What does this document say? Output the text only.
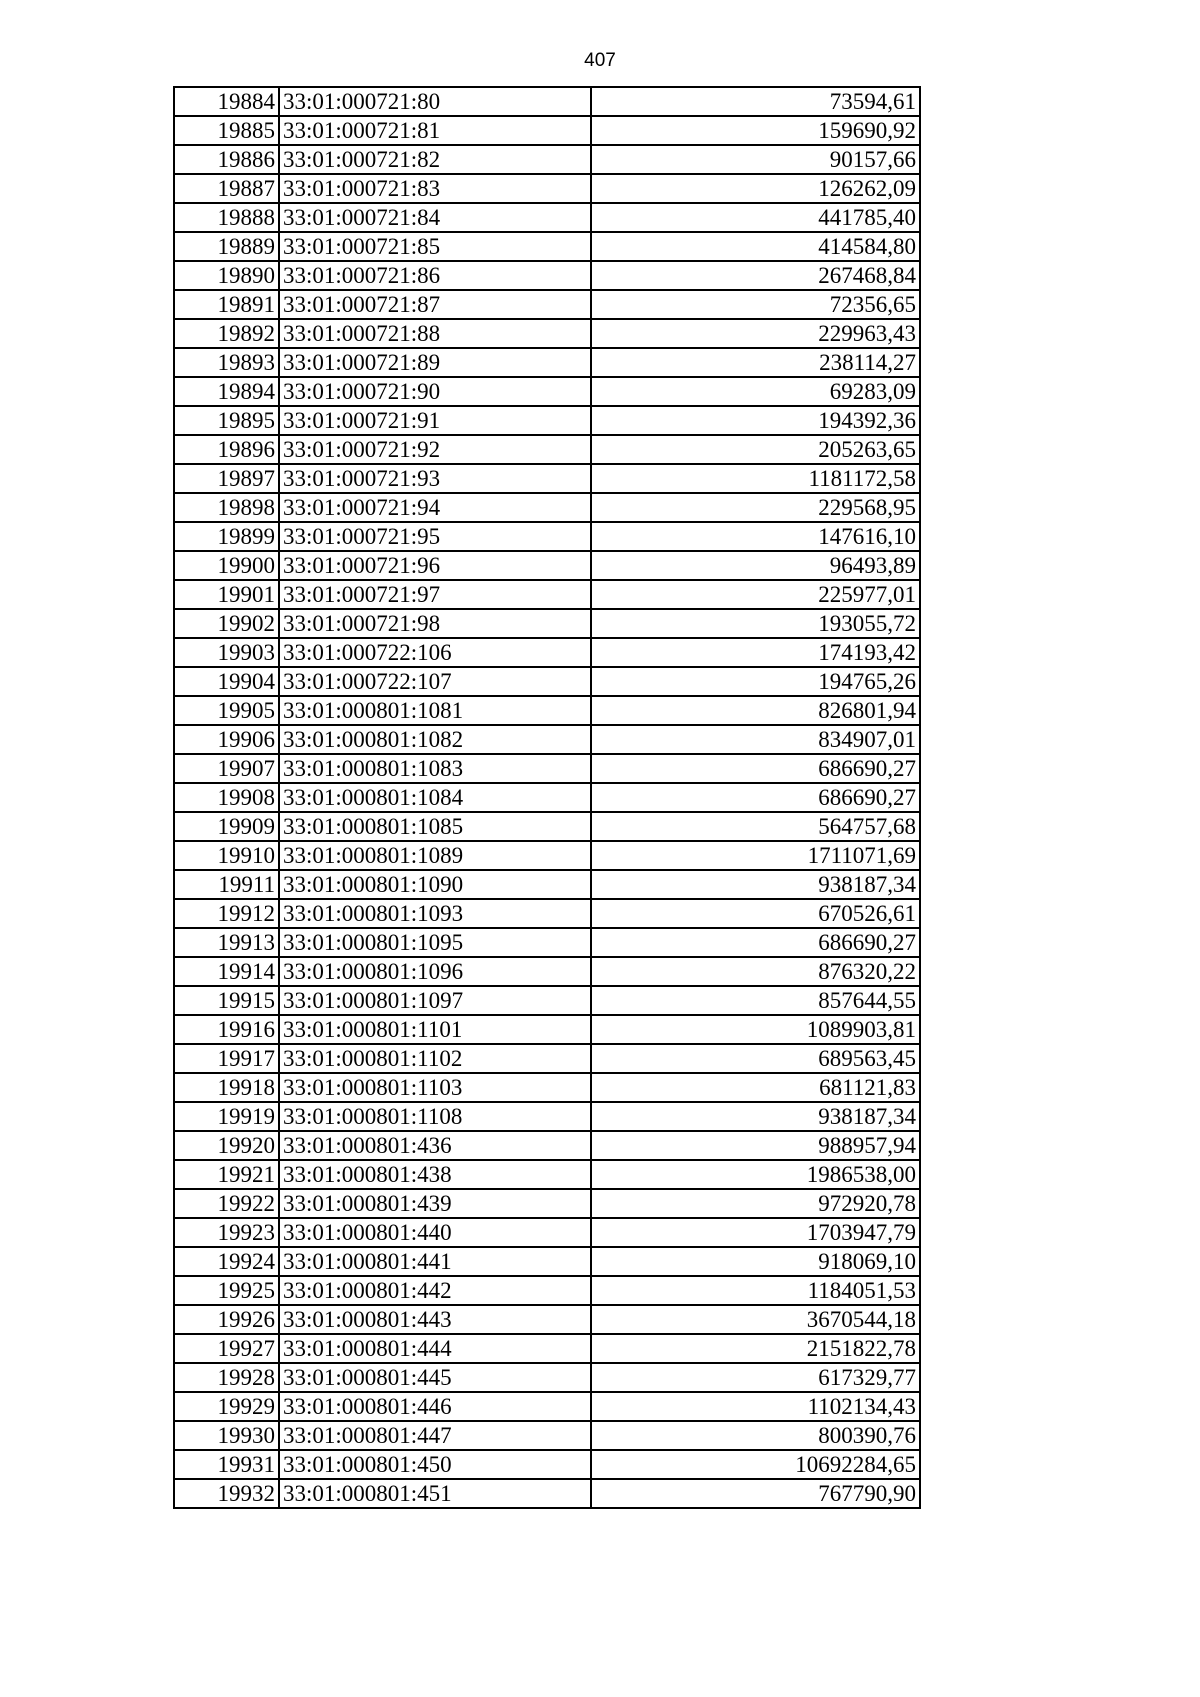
407
19884	33:01:000721:80	73594,61
19885	33:01:000721:81	159690,92
19886	33:01:000721:82	90157,66
19887	33:01:000721:83	126262,09
19888	33:01:000721:84	441785,40
19889	33:01:000721:85	414584,80
19890	33:01:000721:86	267468,84
19891	33:01:000721:87	72356,65
19892	33:01:000721:88	229963,43
19893	33:01:000721:89	238114,27
19894	33:01:000721:90	69283,09
19895	33:01:000721:91	194392,36
19896	33:01:000721:92	205263,65
19897	33:01:000721:93	1181172,58
19898	33:01:000721:94	229568,95
19899	33:01:000721:95	147616,10
19900	33:01:000721:96	96493,89
19901	33:01:000721:97	225977,01
19902	33:01:000721:98	193055,72
19903	33:01:000722:106	174193,42
19904	33:01:000722:107	194765,26
19905	33:01:000801:1081	826801,94
19906	33:01:000801:1082	834907,01
19907	33:01:000801:1083	686690,27
19908	33:01:000801:1084	686690,27
19909	33:01:000801:1085	564757,68
19910	33:01:000801:1089	1711071,69
19911	33:01:000801:1090	938187,34
19912	33:01:000801:1093	670526,61
19913	33:01:000801:1095	686690,27
19914	33:01:000801:1096	876320,22
19915	33:01:000801:1097	857644,55
19916	33:01:000801:1101	1089903,81
19917	33:01:000801:1102	689563,45
19918	33:01:000801:1103	681121,83
19919	33:01:000801:1108	938187,34
19920	33:01:000801:436	988957,94
19921	33:01:000801:438	1986538,00
19922	33:01:000801:439	972920,78
19923	33:01:000801:440	1703947,79
19924	33:01:000801:441	918069,10
19925	33:01:000801:442	1184051,53
19926	33:01:000801:443	3670544,18
19927	33:01:000801:444	2151822,78
19928	33:01:000801:445	617329,77
19929	33:01:000801:446	1102134,43
19930	33:01:000801:447	800390,76
19931	33:01:000801:450	10692284,65
19932	33:01:000801:451	767790,90
